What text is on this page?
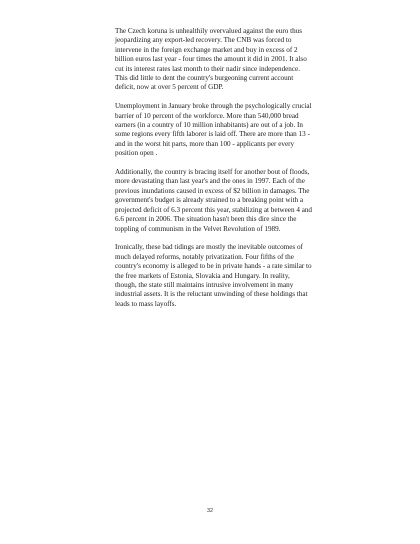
The Czech koruna is unhealthily overvalued against the euro thus jeopardizing any export-led recovery. The CNB was forced to intervene in the foreign exchange market and buy in excess of 2 billion euros last year - four times the amount it did in 2001. It also cut its interest rates last month to their nadir since independence. This did little to dent the country's burgeoning current account deficit, now at over 5 percent of GDP.

Unemployment in January broke through the psychologically crucial barrier of 10 percent of the workforce. More than 540,000 bread earners (in a country of 10 million inhabitants) are out of a job. In some regions every fifth laborer is laid off. There are more than 13 - and in the worst hit parts, more than 100 - applicants per every position open .

Additionally, the country is bracing itself for another bout of floods, more devastating than last year's and the ones in 1997. Each of the previous inundations caused in excess of $2 billion in damages. The government's budget is already strained to a breaking point with a projected deficit of 6.3 percent this year, stabilizing at between 4 and 6.6 percent in 2006. The situation hasn't been this dire since the toppling of communism in the Velvet Revolution of 1989.

Ironically, these bad tidings are mostly the inevitable outcomes of much delayed reforms, notably privatization. Four fifths of the country's economy is alleged to be in private hands - a rate similar to the free markets of Estonia, Slovakia and Hungary. In reality, though, the state still maintains intrusive involvement in many industrial assets. It is the reluctant unwinding of these holdings that leads to mass layoffs.

32
